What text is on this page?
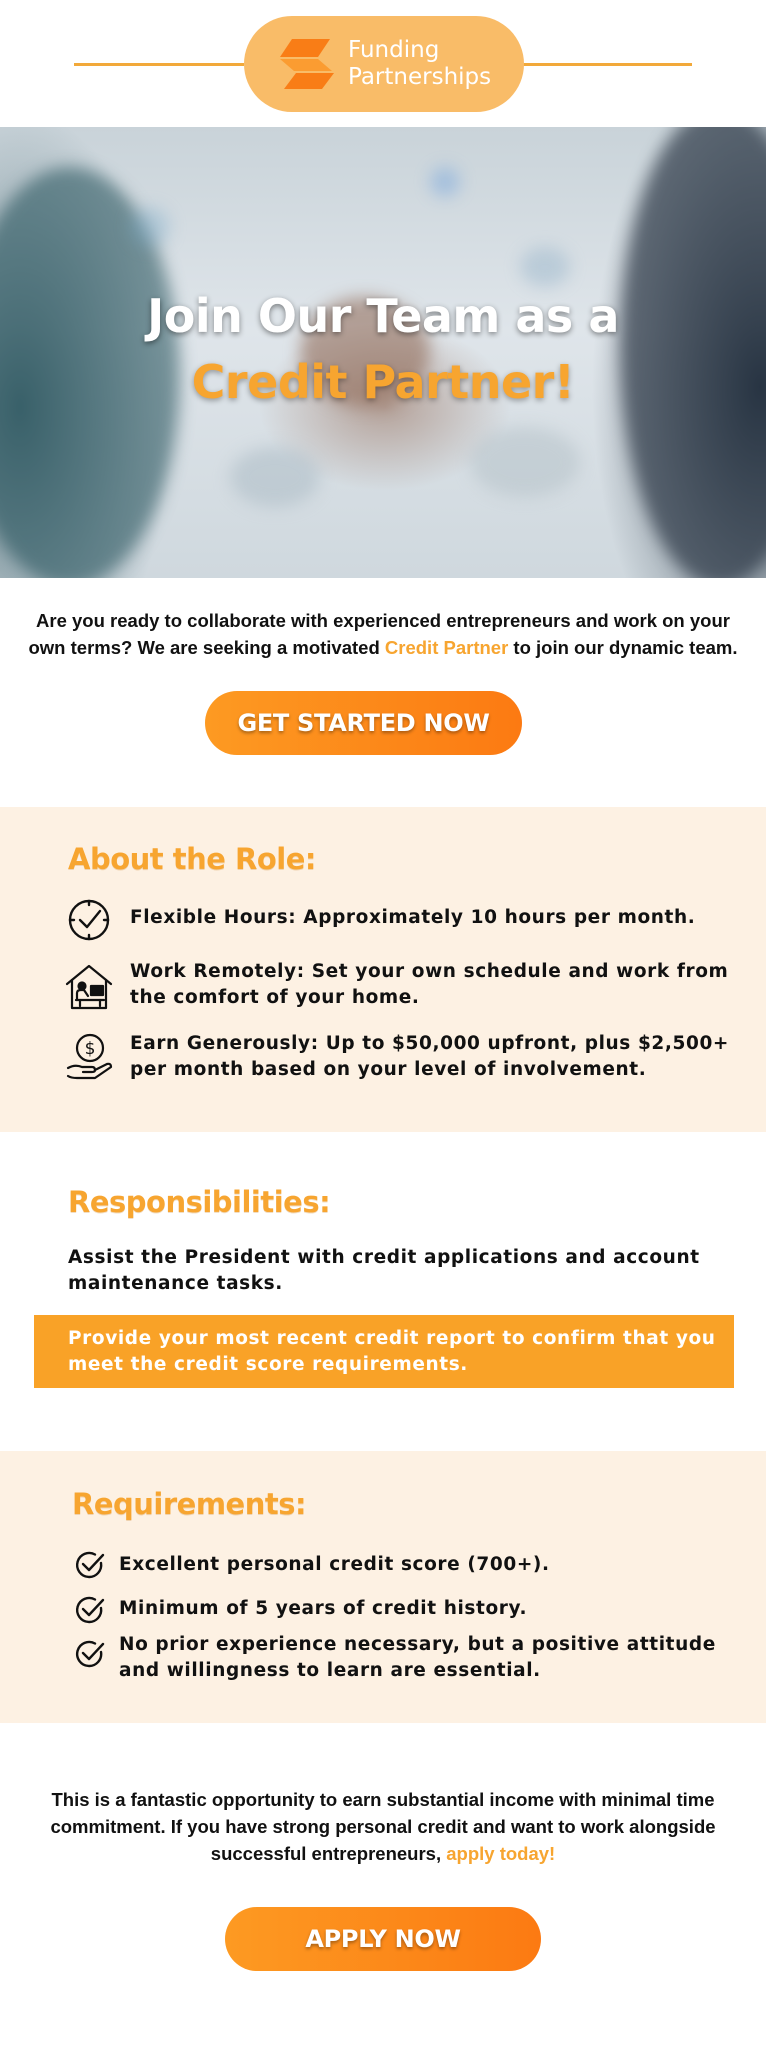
Funding
Partnerships
Join Our Team as a
Credit Partner!

Are you ready to collaborate with experienced entrepreneurs and work on your own terms? We are seeking a motivated Credit Partner to join our dynamic team.

GET STARTED NOW
About the Role:
Flexible Hours: Approximately 10 hours per month.
Work Remotely: Set your own schedule and work from the comfort of your home.
$ Earn Generously: Up to $50,000 upfront, plus $2,500+ per month based on your level of involvement.
Responsibilities:
Assist the President with credit applications and account maintenance tasks.
Provide your most recent credit report to confirm that you meet the credit score requirements.
Requirements:
Excellent personal credit score (700+).
Minimum of 5 years of credit history.
No prior experience necessary, but a positive attitude and willingness to learn are essential.

This is a fantastic opportunity to earn substantial income with minimal time commitment. If you have strong personal credit and want to work alongside successful entrepreneurs, apply today!

APPLY NOW
